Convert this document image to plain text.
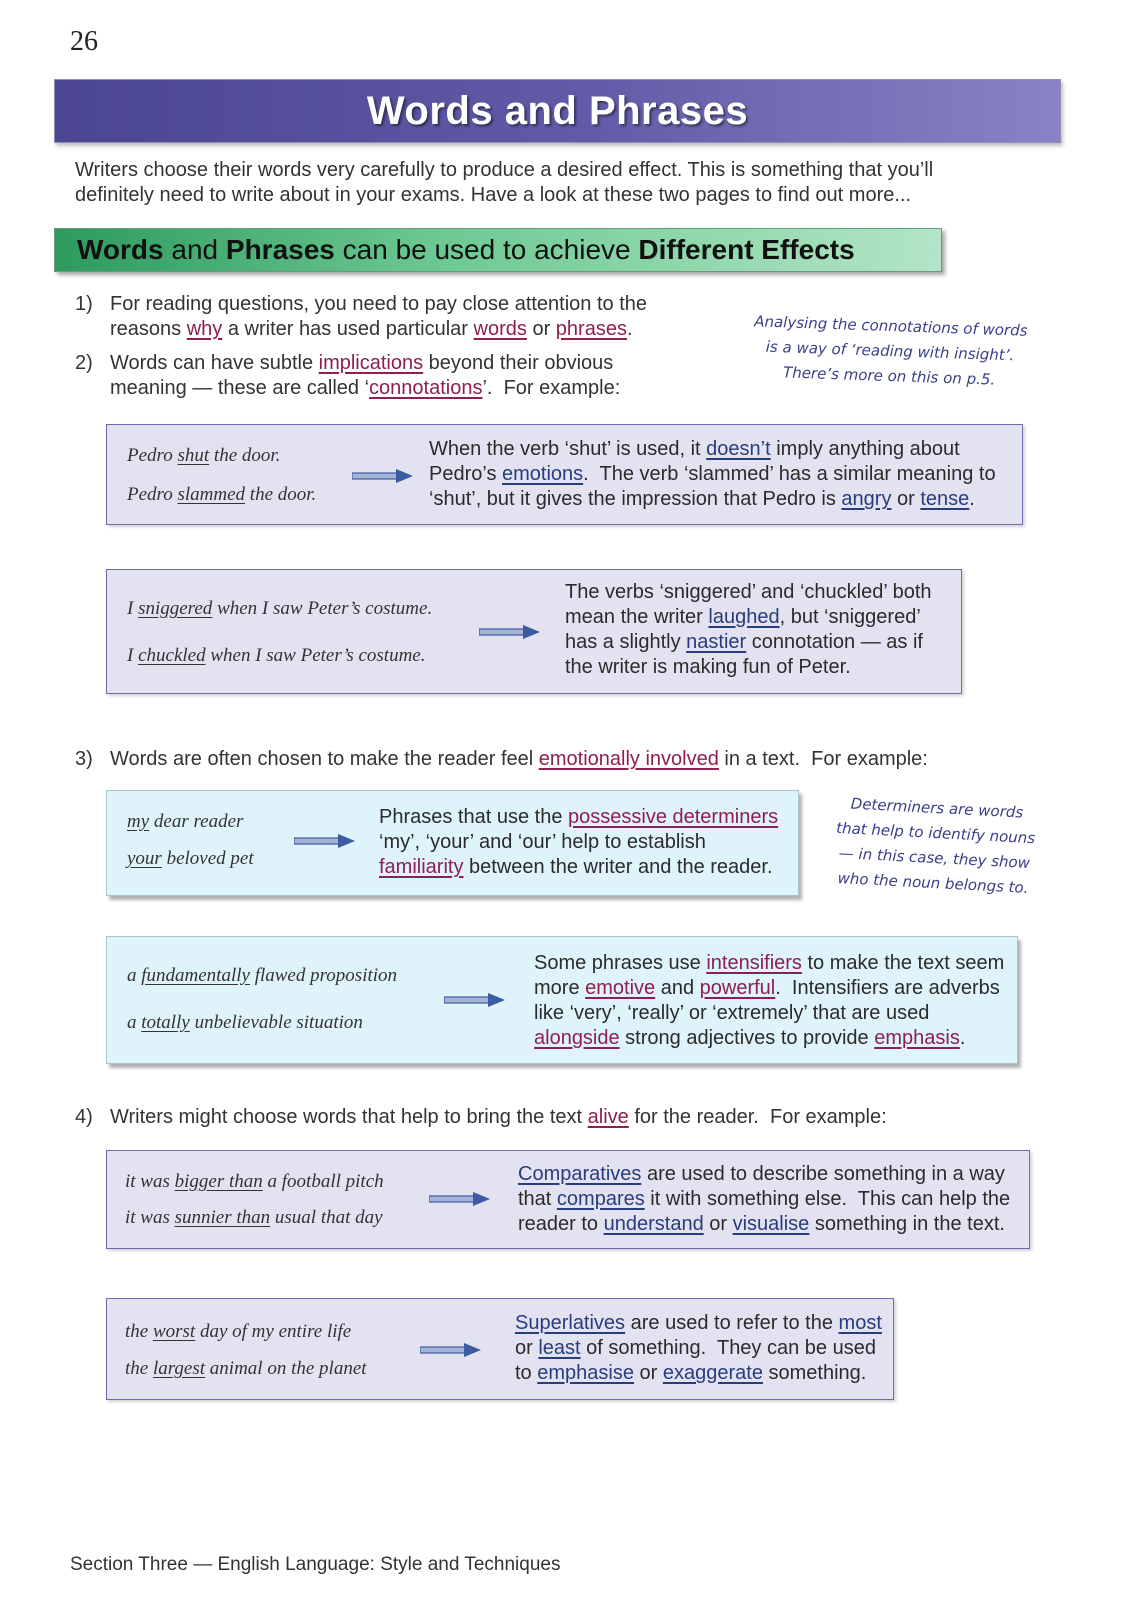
26
Words and Phrases

Writers choose their words very carefully to produce a desired effect. This is something that you’ll

definitely need to write about in your exams. Have a look at these two pages to find out more...

Words and Phrases can be used to achieve Different Effects
1) For reading questions, you need to pay close attention to the
reasons why a writer has used particular words or phrases.
2) Words can have subtle implications beyond their obvious
meaning — these are called ‘connotations’.  For example:
Analysing the connotations of words
is a way of ‘reading with insight’.
There’s more on this on p.5.
Pedro shut the door.
Pedro slammed the door.
When the verb ‘shut’ is used, it doesn’t imply anything about
Pedro’s emotions.  The verb ‘slammed’ has a similar meaning to
‘shut’, but it gives the impression that Pedro is angry or tense.
I sniggered when I saw Peter’s costume.
I chuckled when I saw Peter’s costume.
The verbs ‘sniggered’ and ‘chuckled’ both
mean the writer laughed, but ‘sniggered’
has a slightly nastier connotation — as if
the writer is making fun of Peter.
3) Words are often chosen to make the reader feel emotionally involved in a text.  For example:
my dear reader
your beloved pet
Phrases that use the possessive determiners
‘my’, ‘your’ and ‘our’ help to establish
familiarity between the writer and the reader.
Determiners are words
that help to identify nouns
— in this case, they show
who the noun belongs to.
a fundamentally flawed proposition
a totally unbelievable situation
Some phrases use intensifiers to make the text seem
more emotive and powerful.  Intensifiers are adverbs
like ‘very’, ‘really’ or ‘extremely’ that are used
alongside strong adjectives to provide emphasis.
4) Writers might choose words that help to bring the text alive for the reader.  For example:
it was bigger than a football pitch
it was sunnier than usual that day
Comparatives are used to describe something in a way
that compares it with something else.  This can help the
reader to understand or visualise something in the text.
the worst day of my entire life
the largest animal on the planet
Superlatives are used to refer to the most
or least of something.  They can be used
to emphasise or exaggerate something.
Section Three — English Language: Style and Techniques
